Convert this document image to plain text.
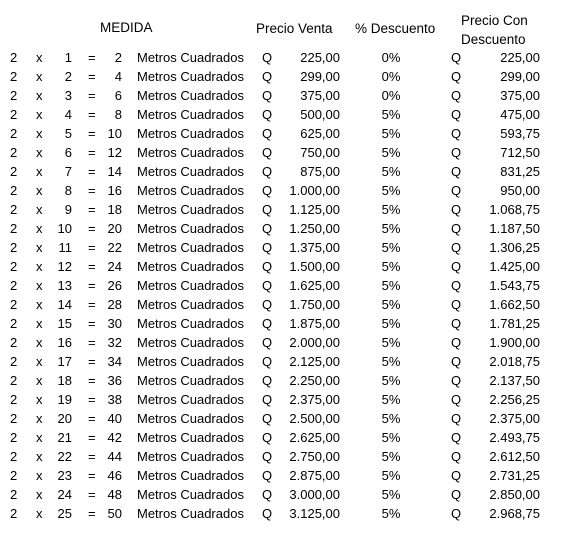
MEDIDA	Precio Venta % Descuento
Precio Con
Descuento
2 x	1 =	2 Metros Cuadrados	Q	225,00	0%	Q	225,00
2 x	2 =	4 Metros Cuadrados	Q	299,00	0%	Q	299,00
2 x	3 =	6 Metros Cuadrados	Q	375,00	0%	Q	375,00
2 x	4 =	8 Metros Cuadrados	Q	500,00	5%	Q	475,00
2 x	5 = 10 Metros Cuadrados	Q	625,00	5%	Q	593,75
2 x	6 = 12 Metros Cuadrados	Q	750,00	5%	Q	712,50
2 x	7 = 14 Metros Cuadrados	Q	875,00	5%	Q	831,25
2 x	8 = 16 Metros Cuadrados	Q	1.000,00	5%	Q	950,00
2 x	9 = 18 Metros Cuadrados	Q	1.125,00	5%	Q	1.068,75
2 x 10 = 20 Metros Cuadrados	Q	1.250,00	5%	Q	1.187,50
2 x	11 = 22 Metros Cuadrados	Q	1.375,00	5%	Q	1.306,25
2 x 12 = 24 Metros Cuadrados	Q	1.500,00	5%	Q	1.425,00
2 x 13 = 26 Metros Cuadrados	Q	1.625,00	5%	Q	1.543,75
2 x 14 = 28 Metros Cuadrados	Q	1.750,00	5%	Q	1.662,50
2 x 15 = 30 Metros Cuadrados	Q	1.875,00	5%	Q	1.781,25
2 x 16 = 32 Metros Cuadrados	Q	2.000,00	5%	Q	1.900,00
2 x 17 = 34 Metros Cuadrados	Q	2.125,00	5%	Q	2.018,75
2 x 18 = 36 Metros Cuadrados	Q	2.250,00	5%	Q	2.137,50
2 x 19 = 38 Metros Cuadrados	Q	2.375,00	5%	Q	2.256,25
2 x 20 = 40 Metros Cuadrados	Q	2.500,00	5%	Q	2.375,00
2 x 21 = 42 Metros Cuadrados	Q	2.625,00	5%	Q	2.493,75
2 x 22 = 44 Metros Cuadrados	Q	2.750,00	5%	Q	2.612,50
2 x 23 = 46 Metros Cuadrados	Q	2.875,00	5%	Q	2.731,25
2 x 24 = 48 Metros Cuadrados	Q	3.000,00	5%	Q	2.850,00
2 x 25 = 50 Metros Cuadrados	Q	3.125,00	5%	Q	2.968,75
